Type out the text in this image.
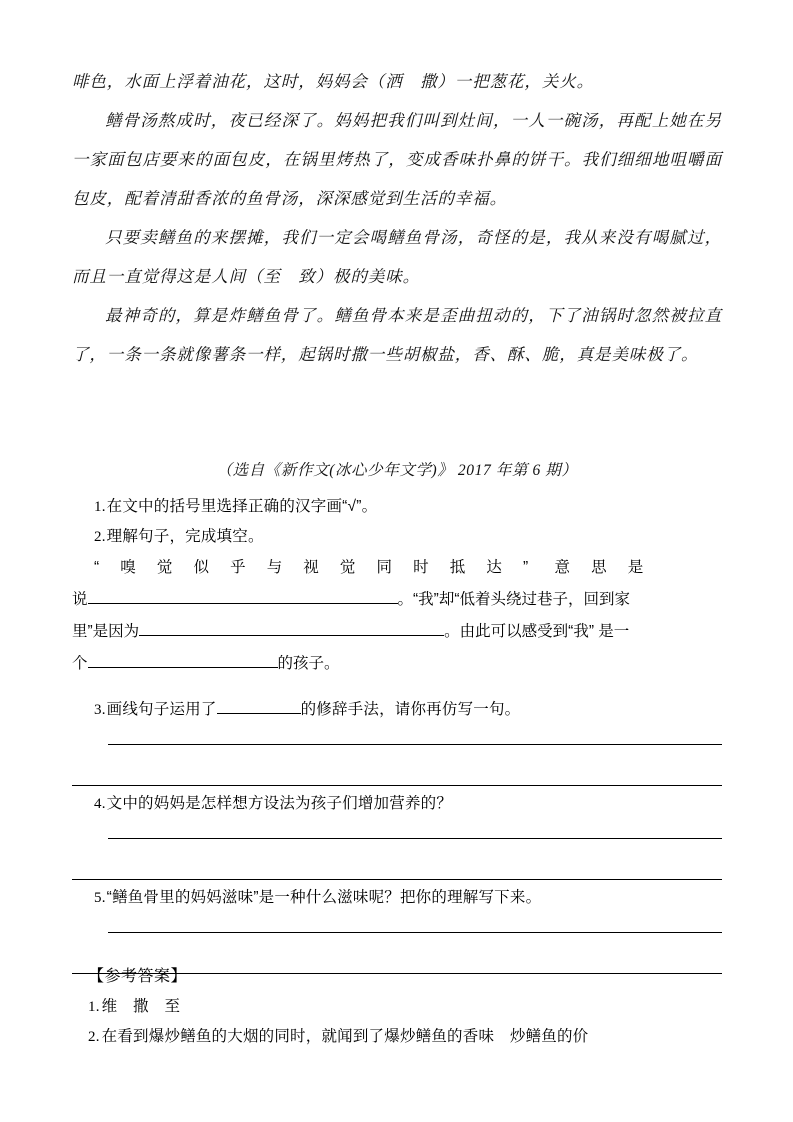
啡色，水面上浮着油花，这时，妈妈会（洒　撒）一把葱花，关火。

鳝骨汤熬成时，夜已经深了。妈妈把我们叫到灶间，一人一碗汤，再配上她在另一家面包店要来的面包皮，在锅里烤热了，变成香味扑鼻的饼干。我们细细地咀嚼面包皮，配着清甜香浓的鱼骨汤，深深感觉到生活的幸福。

只要卖鳝鱼的来摆摊，我们一定会喝鳝鱼骨汤，奇怪的是，我从来没有喝腻过，而且一直觉得这是人间（至　致）极的美味。

最神奇的，算是炸鳝鱼骨了。鳝鱼骨本来是歪曲扭动的，下了油锅时忽然被拉直了，一条一条就像薯条一样，起锅时撒一些胡椒盐，香、酥、脆，真是美味极了。

（选自《新作文(冰心少年文学)》 2017 年第 6 期）
1.在文中的括号里选择正确的汉字画“√”。
2.理解句子，完成填空。
“ 嗅 觉 似 乎 与 视 觉 同 时 抵 达 ” 意 思 是
说	。“我”却“低着头绕过巷子，回到家
里”是因为	。由此可以感受到“我” 是一
个	的孩子。
3.画线句子运用了	的修辞手法，请你再仿写一句。
4.文中的妈妈是怎样想方设法为孩子们增加营养的？
5.“鳝鱼骨里的妈妈滋味”是一种什么滋味呢？把你的理解写下来。
【参考答案】
1. 维　撒　至
2. 在看到爆炒鳝鱼的大烟的同时，就闻到了爆炒鳝鱼的香味　炒鳝鱼的价
